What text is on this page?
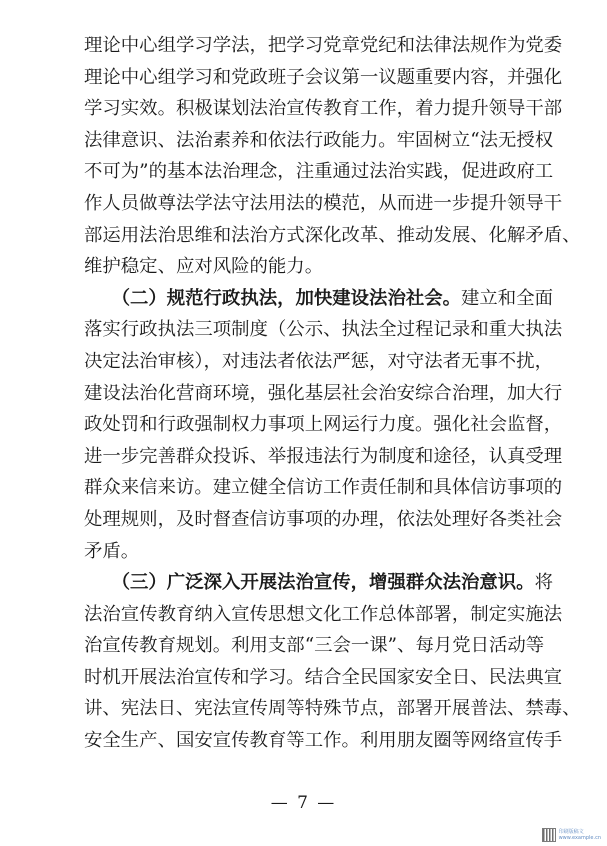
理论中心组学习学法，把学习党章党纪和法律法规作为党委
理论中心组学习和党政班子会议第一议题重要内容，并强化
学习实效。积极谋划法治宣传教育工作，着力提升领导干部
法律意识、法治素养和依法行政能力。牢固树立“法无授权
不可为”的基本法治理念，注重通过法治实践，促进政府工
作人员做尊法学法守法用法的模范，从而进一步提升领导干
部运用法治思维和法治方式深化改革、推动发展、化解矛盾、
维护稳定、应对风险的能力。
　　（二）规范行政执法，加快建设法治社会。建立和全面
落实行政执法三项制度（公示、执法全过程记录和重大执法
决定法治审核），对违法者依法严惩，对守法者无事不扰，
建设法治化营商环境，强化基层社会治安综合治理，加大行
政处罚和行政强制权力事项上网运行力度。强化社会监督，
进一步完善群众投诉、举报违法行为制度和途径，认真受理
群众来信来访。建立健全信访工作责任制和具体信访事项的
处理规则，及时督查信访事项的办理，依法处理好各类社会
矛盾。
　　（三）广泛深入开展法治宣传，增强群众法治意识。将
法治宣传教育纳入宣传思想文化工作总体部署，制定实施法
治宣传教育规划。利用支部“三会一课”、每月党日活动等
时机开展法治宣传和学习。结合全民国家安全日、民法典宣
讲、宪法日、宪法宣传周等特殊节点，部署开展普法、禁毒、
安全生产、国安宣传教育等工作。利用朋友圈等网络宣传手
— 7 —
印刷版稿文
www.example.cn
